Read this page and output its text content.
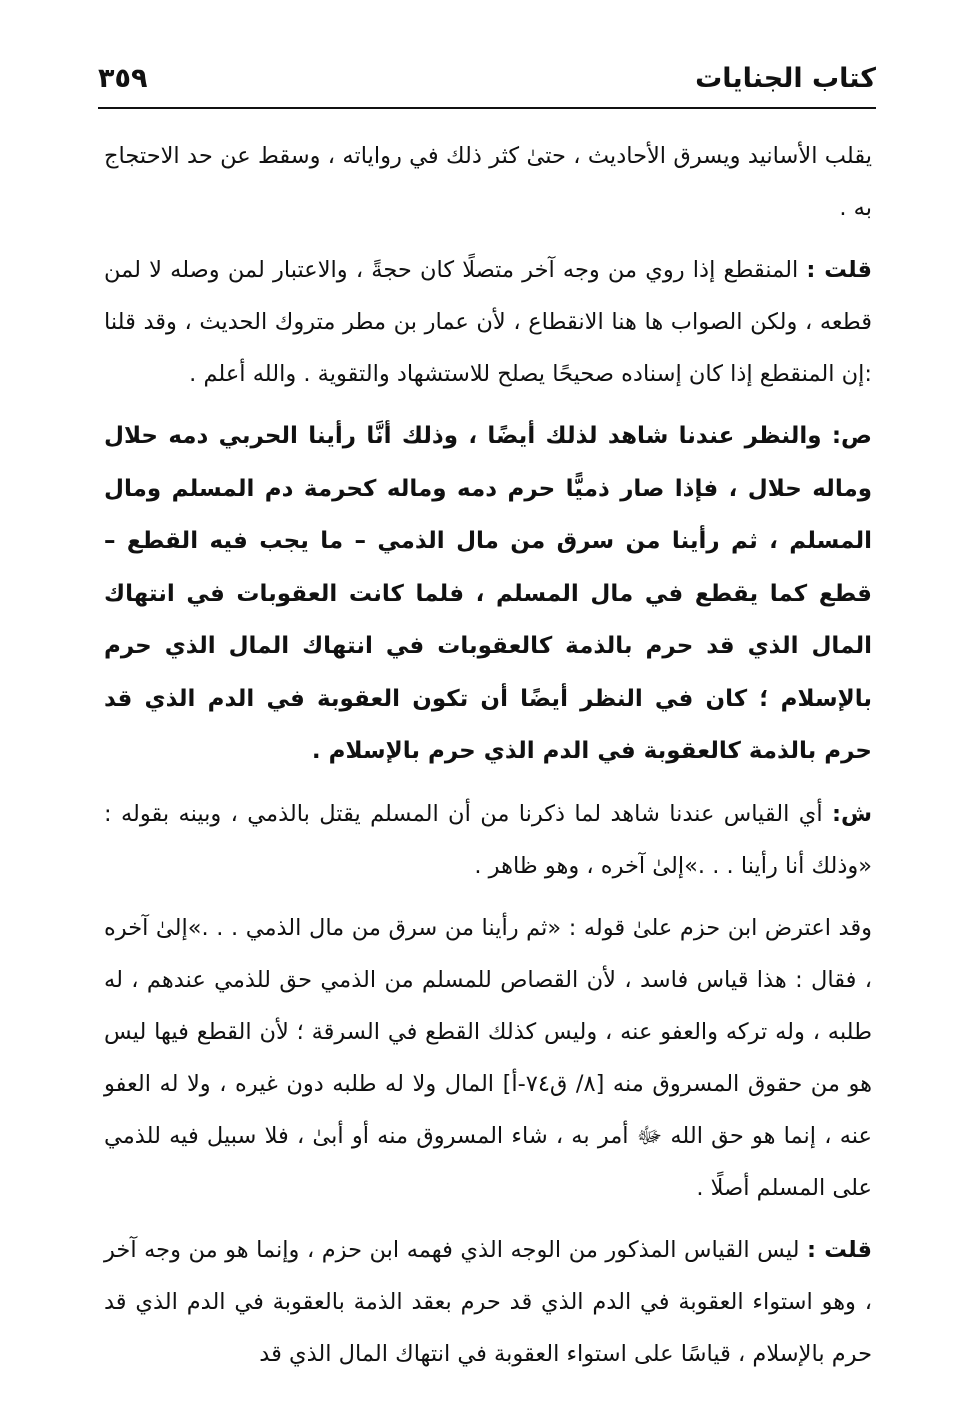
كتاب الجنايات
٣٥٩

يقلب الأسانيد ويسرق الأحاديث ، حتىٰ كثر ذلك في رواياته ، وسقط عن حد الاحتجاج به .

قلت : المنقطع إذا روي من وجه آخر متصلًا كان حجةً ، والاعتبار لمن وصله لا لمن قطعه ، ولكن الصواب ها هنا الانقطاع ، لأن عمار بن مطر متروك الحديث ، وقد قلنا :إن المنقطع إذا كان إسناده صحيحًا يصلح للاستشهاد والتقوية . والله أعلم .

ص: والنظر عندنا شاهد لذلك أيضًا ، وذلك أنَّا رأينا الحربي دمه حلال وماله حلال ، فإذا صار ذميًّا حرم دمه وماله كحرمة دم المسلم ومال المسلم ، ثم رأينا من سرق من مال الذمي – ما يجب فيه القطع – قطع كما يقطع في مال المسلم ، فلما كانت العقوبات في انتهاك المال الذي قد حرم بالذمة كالعقوبات في انتهاك المال الذي حرم بالإسلام ؛ كان في النظر أيضًا أن تكون العقوبة في الدم الذي قد حرم بالذمة كالعقوبة في الدم الذي حرم بالإسلام .

ش: أي القياس عندنا شاهد لما ذكرنا من أن المسلم يقتل بالذمي ، وبينه بقوله : «وذلك أنا رأينا . . .»إلىٰ آخره ، وهو ظاهر .

وقد اعترض ابن حزم علىٰ قوله : «ثم رأينا من سرق من مال الذمي . . .»إلىٰ آخره ، فقال : هذا قياس فاسد ، لأن القصاص للمسلم من الذمي حق للذمي عندهم ، له طلبه ، وله تركه والعفو عنه ، وليس كذلك القطع في السرقة ؛ لأن القطع فيها ليس هو من حقوق المسروق منه [٨/ ق٧٤-أ] المال ولا له طلبه دون غيره ، ولا له العفو عنه ، إنما هو حق الله ﷻ أمر به ، شاء المسروق منه أو أبىٰ ، فلا سبيل فيه للذمي على المسلم أصلًا .

قلت : ليس القياس المذكور من الوجه الذي فهمه ابن حزم ، وإنما هو من وجه آخر ، وهو استواء العقوبة في الدم الذي قد حرم بعقد الذمة بالعقوبة في الدم الذي قد حرم بالإسلام ، قياسًا على استواء العقوبة في انتهاك المال الذي قد
